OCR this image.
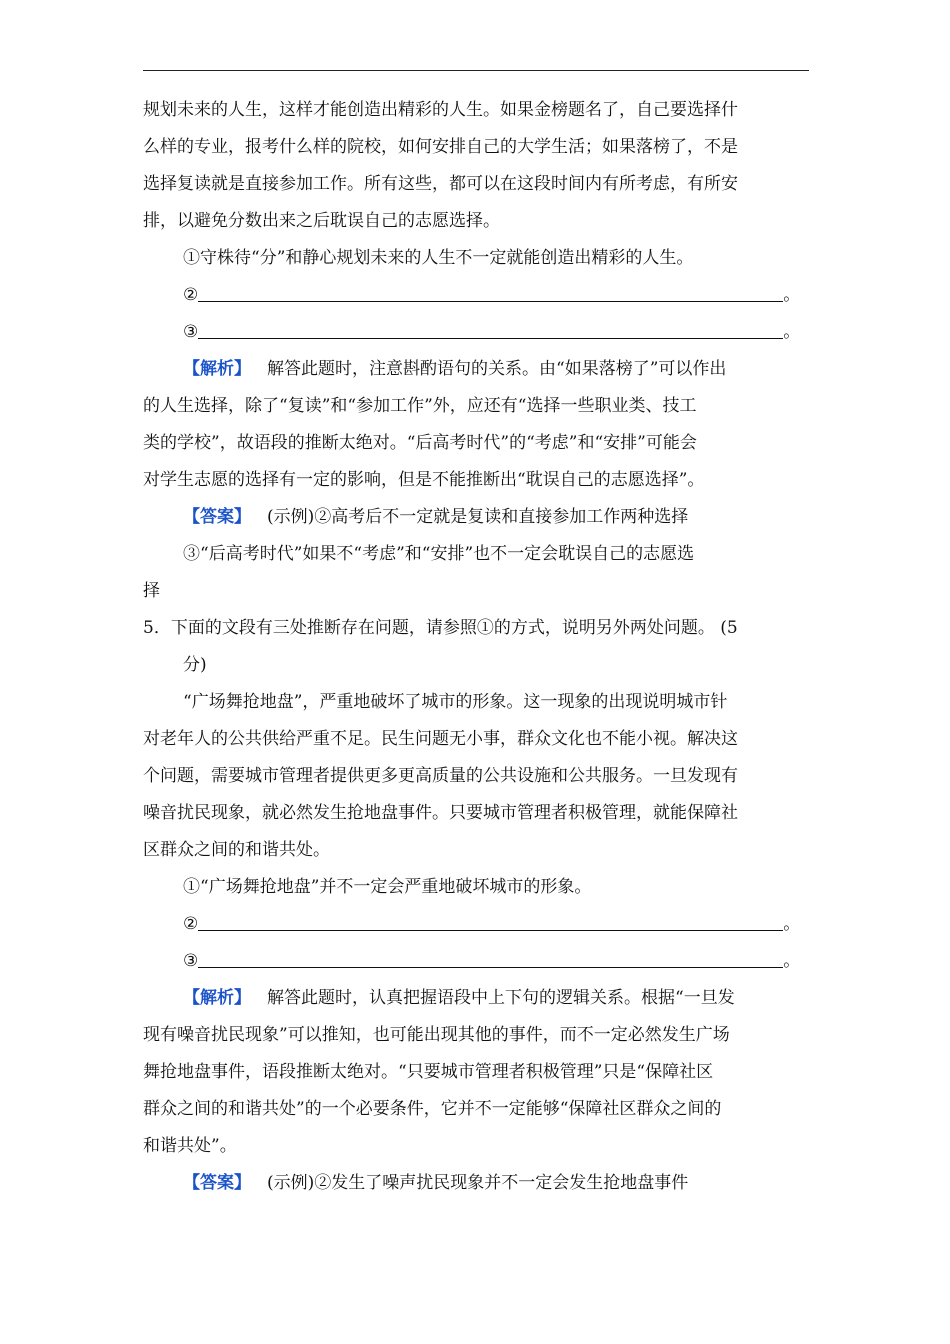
规划未来的人生，这样才能创造出精彩的人生。如果金榜题名了，自己要选择什
么样的专业，报考什么样的院校，如何安排自己的大学生活；如果落榜了，不是
选择复读就是直接参加工作。所有这些，都可以在这段时间内有所考虑，有所安
排，以避免分数出来之后耽误自己的志愿选择。
①守株待“分”和静心规划未来的人生不一定就能创造出精彩的人生。
②	。
③	。
【解析】 解答此题时，注意斟酌语句的关系。由“如果落榜了”可以作出
的人生选择，除了“复读”和“参加工作”外，应还有“选择一些职业类、技工
类的学校”，故语段的推断太绝对。“后高考时代”的“考虑”和“安排”可能会
对学生志愿的选择有一定的影响，但是不能推断出“耽误自己的志愿选择”。
【答案】 (示例)②高考后不一定就是复读和直接参加工作两种选择
③“后高考时代”如果不“考虑”和“安排”也不一定会耽误自己的志愿选
择
5．下面的文段有三处推断存在问题，请参照①的方式，说明另外两处问题。 (5
分)
“广场舞抢地盘”，严重地破坏了城市的形象。这一现象的出现说明城市针
对老年人的公共供给严重不足。民生问题无小事，群众文化也不能小视。解决这
个问题，需要城市管理者提供更多更高质量的公共设施和公共服务。一旦发现有
噪音扰民现象，就必然发生抢地盘事件。只要城市管理者积极管理，就能保障社
区群众之间的和谐共处。
①“广场舞抢地盘”并不一定会严重地破坏城市的形象。
②	。
③	。
【解析】 解答此题时，认真把握语段中上下句的逻辑关系。根据“一旦发
现有噪音扰民现象”可以推知，也可能出现其他的事件，而不一定必然发生广场
舞抢地盘事件，语段推断太绝对。“只要城市管理者积极管理”只是“保障社区
群众之间的和谐共处”的一个必要条件，它并不一定能够“保障社区群众之间的
和谐共处”。
【答案】 (示例)②发生了噪声扰民现象并不一定会发生抢地盘事件
